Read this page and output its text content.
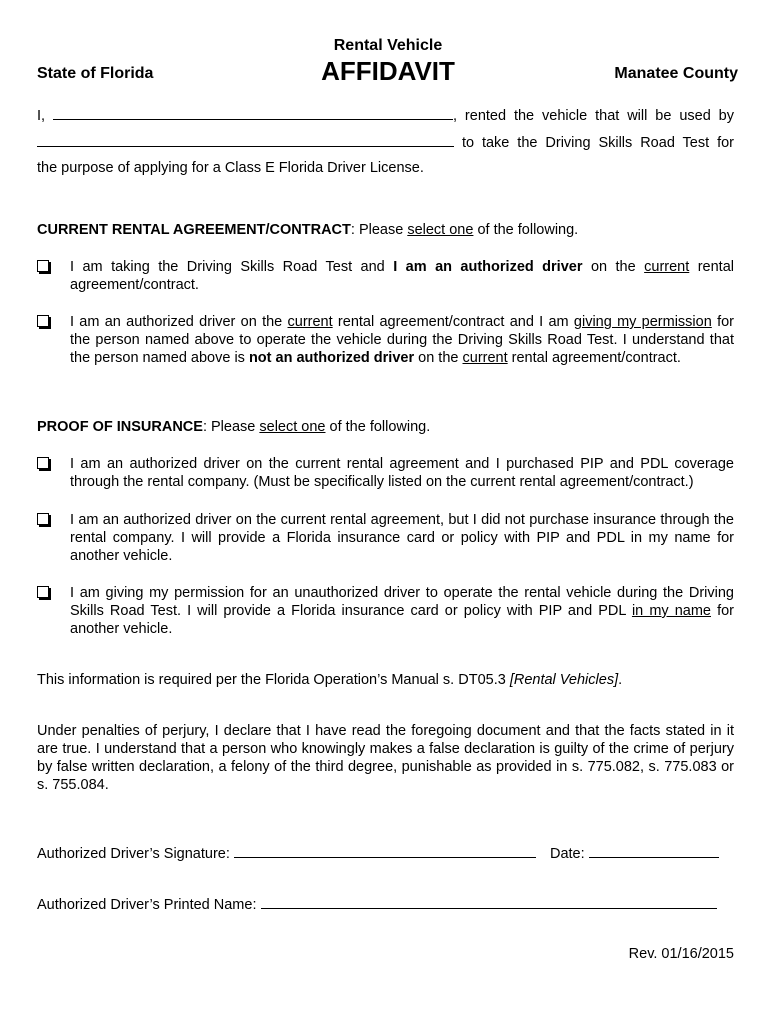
Rental Vehicle
AFFIDAVIT
State of Florida	Manatee County
I,	, rented the vehicle that will be used by
to take the Driving Skills Road Test for
the purpose of applying for a Class E Florida Driver License.
CURRENT RENTAL AGREEMENT/CONTRACT: Please select one of the following.
I am taking the Driving Skills Road Test and I am an authorized driver on the current rental agreement/contract.
I am an authorized driver on the current rental agreement/contract and I am giving my permission for the person named above to operate the vehicle during the Driving Skills Road Test. I understand that the person named above is not an authorized driver on the current rental agreement/contract.
PROOF OF INSURANCE: Please select one of the following.
I am an authorized driver on the current rental agreement and I purchased PIP and PDL coverage through the rental company. (Must be specifically listed on the current rental agreement/contract.)
I am an authorized driver on the current rental agreement, but I did not purchase insurance through the rental company. I will provide a Florida insurance card or policy with PIP and PDL in my name for another vehicle.
I am giving my permission for an unauthorized driver to operate the rental vehicle during the Driving Skills Road Test. I will provide a Florida insurance card or policy with PIP and PDL in my name for another vehicle.
This information is required per the Florida Operation’s Manual s. DT05.3 [Rental Vehicles].
Under penalties of perjury, I declare that I have read the foregoing document and that the facts stated in it are true. I understand that a person who knowingly makes a false declaration is guilty of the crime of perjury by false written declaration, a felony of the third degree, punishable as provided in s. 775.082, s. 775.083 or s. 755.084.
Authorized Driver’s Signature:	Date:
Authorized Driver’s Printed Name:
Rev. 01/16/2015
